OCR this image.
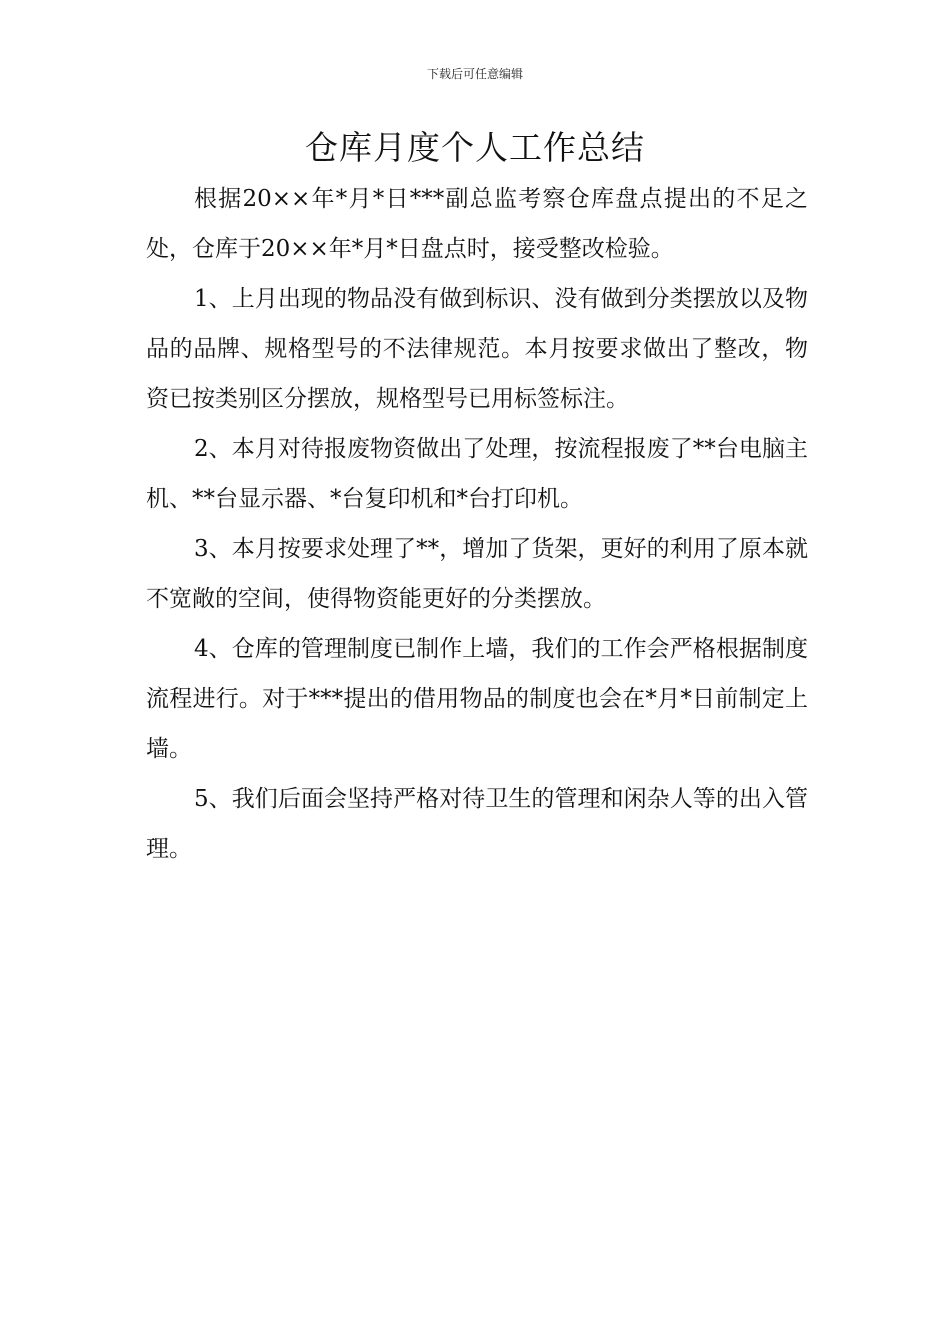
下载后可任意编辑
仓库月度个人工作总结

根据20××年*月*日***副总监考察仓库盘点提出的不足之处，仓库于20××年*月*日盘点时，接受整改检验。

1、上月出现的物品没有做到标识、没有做到分类摆放以及物品的品牌、规格型号的不法律规范。本月按要求做出了整改，物资已按类别区分摆放，规格型号已用标签标注。

2、本月对待报废物资做出了处理，按流程报废了**台电脑主机、**台显示器、*台复印机和*台打印机。

3、本月按要求处理了**，增加了货架，更好的利用了原本就不宽敞的空间，使得物资能更好的分类摆放。

4、仓库的管理制度已制作上墙，我们的工作会严格根据制度流程进行。对于***提出的借用物品的制度也会在*月*日前制定上墙。

5、我们后面会坚持严格对待卫生的管理和闲杂人等的出入管理。
